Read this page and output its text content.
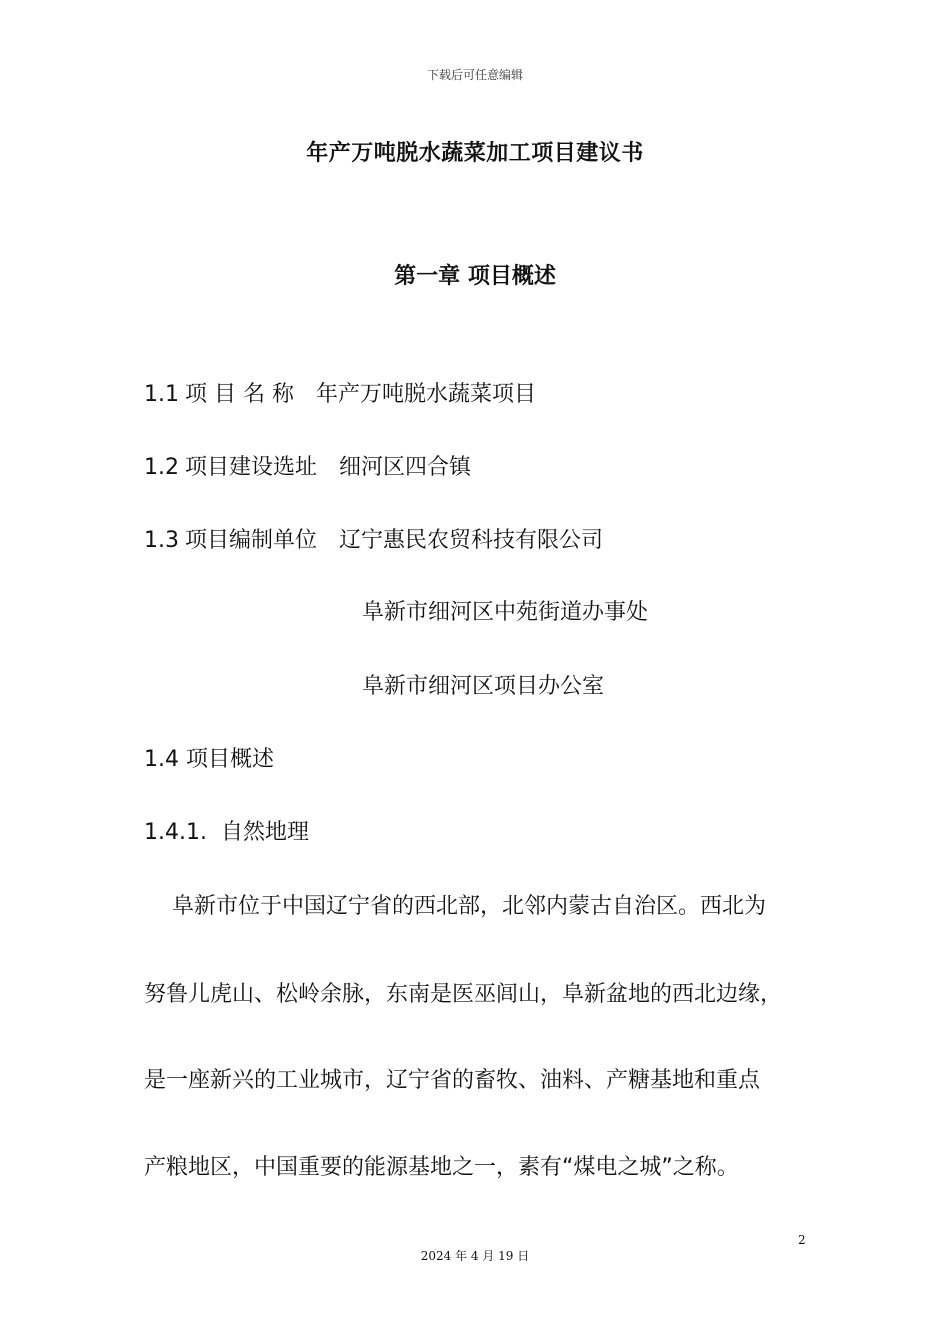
下载后可任意编辑
年产万吨脱水蔬菜加工项目建议书
第一章 项目概述
1.1 项 目 名 称 年产万吨脱水蔬菜项目
1.2 项目建设选址 细河区四合镇
1.3 项目编制单位 辽宁惠民农贸科技有限公司
阜新市细河区中苑街道办事处
阜新市细河区项目办公室
1.4 项目概述
1.4.1.  自然地理
阜新市位于中国辽宁省的西北部，北邻内蒙古自治区。西北为
努鲁儿虎山、松岭余脉，东南是医巫闾山，阜新盆地的西北边缘，
是一座新兴的工业城市，辽宁省的畜牧、油料、产糖基地和重点
产粮地区，中国重要的能源基地之一，素有“煤电之城”之称。
2
2024 年 4 月 19 日
